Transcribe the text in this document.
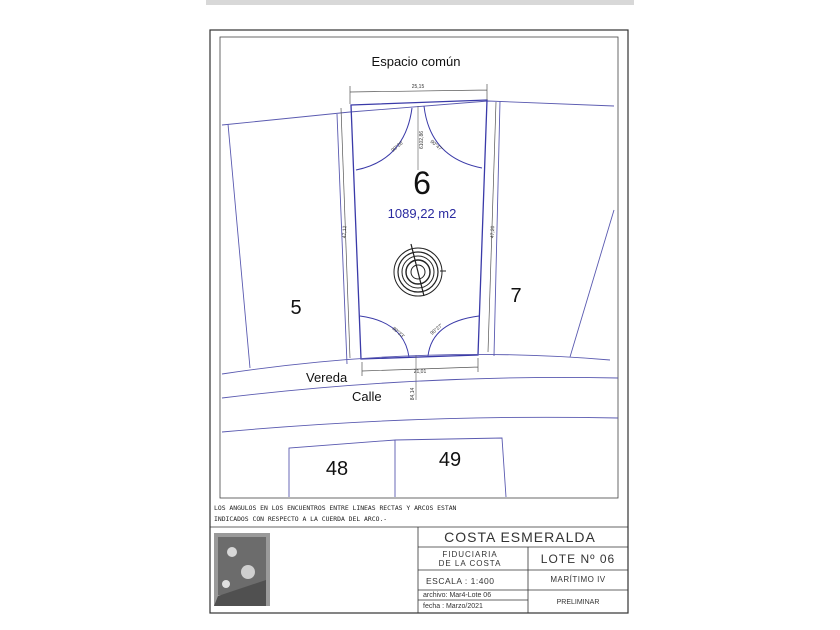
Espacio común
25,15
6
1089,22 m2
5
7
48	49
Vereda
Calle
21,01
47,12	47,20
6102,86
84,14
90°26'	90°47'
89°23'	90°27'
LOS ANGULOS EN LOS ENCUENTROS ENTRE LINEAS RECTAS Y ARCOS ESTAN
INDICADOS CON RESPECTO A LA CUERDA DEL ARCO.-
COSTA ESMERALDA
FIDUCIARIA
DE LA COSTA	LOTE Nº 06
ESCALA : 1:400	MARÍTIMO IV
archivo: Mar4-Lote 06
fecha : Marzo/2021
PRELIMINAR
